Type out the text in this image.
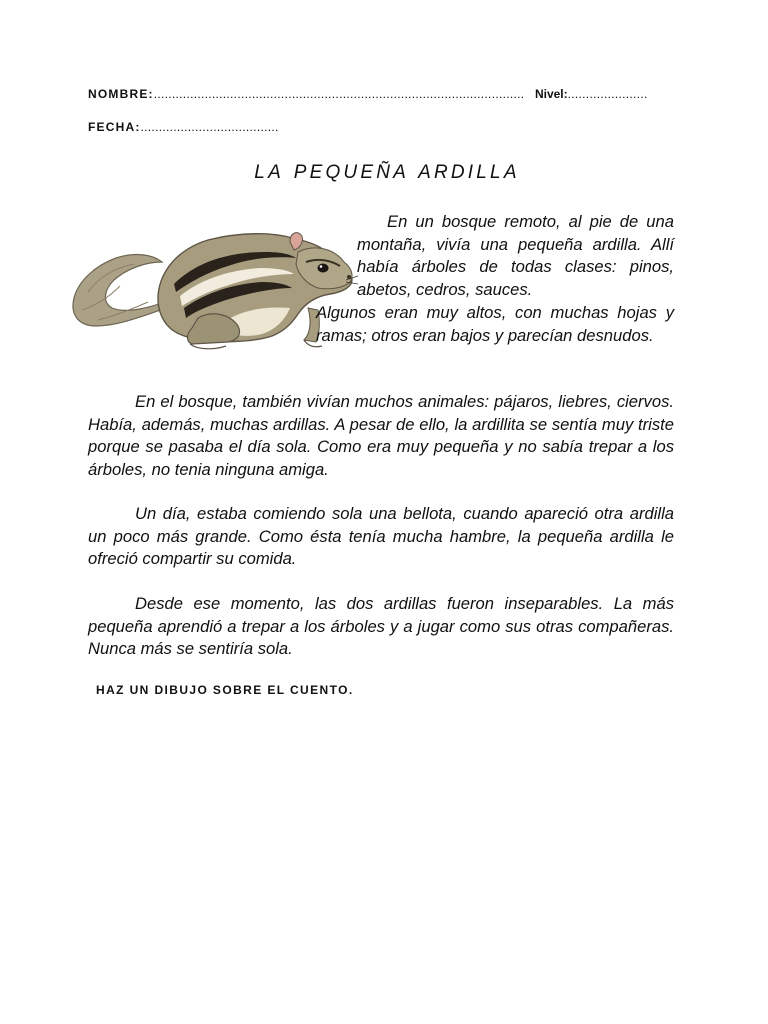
NOMBRE:...................................................................................................... Nivel:......................
FECHA:......................................
LA PEQUEÑA ARDILLA

En un bosque remoto, al pie de una montaña, vivía una pequeña ardilla. Allí había árboles de todas clases: pinos, abetos, cedros, sauces.

Algunos eran muy altos, con muchas hojas y ramas; otros eran bajos y parecían desnudos.

En el bosque, también vivían muchos animales: pájaros, liebres, ciervos. Había, además, muchas ardillas. A pesar de ello, la ardillita se sentía muy triste porque se pasaba el día sola. Como era muy pequeña y no sabía trepar a los árboles, no tenia ninguna amiga.

Un día, estaba comiendo sola una bellota, cuando apareció otra ardilla un poco más grande. Como ésta tenía mucha hambre, la pequeña ardilla le ofreció compartir su comida.

Desde ese momento, las dos ardillas fueron inseparables. La más pequeña aprendió a trepar a los árboles y a jugar como sus otras compañeras. Nunca más se sentiría sola.

HAZ UN DIBUJO SOBRE EL CUENTO.
